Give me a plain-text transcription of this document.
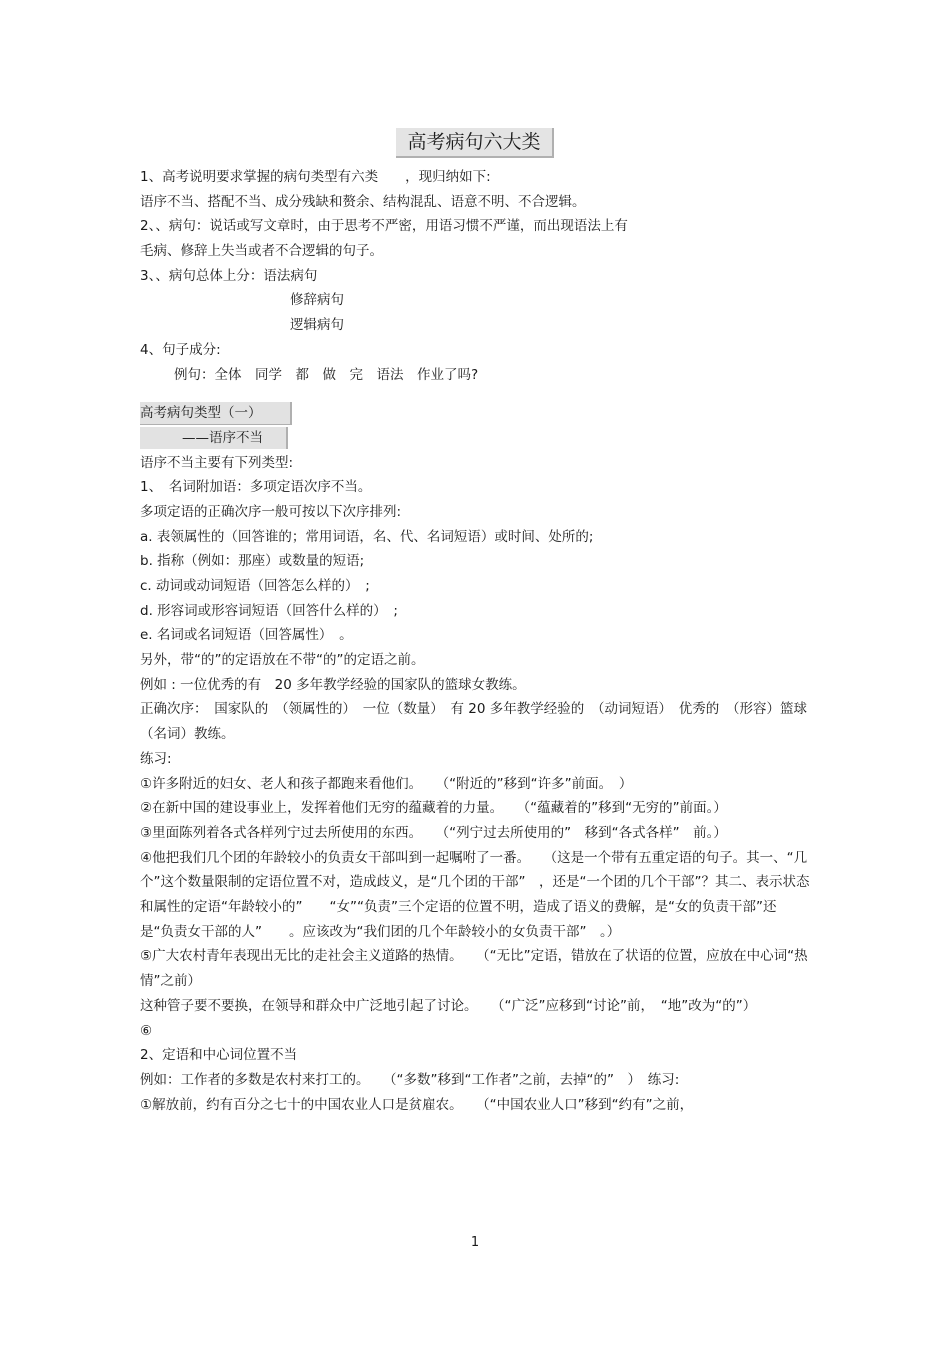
高考病句六大类
1、高考说明要求掌握的病句类型有六类　　，现归纳如下:
语序不当、搭配不当、成分残缺和赘余、结构混乱、语意不明、不合逻辑。
2、、病句：说话或写文章时，由于思考不严密，用语习惯不严谨，而出现语法上有
毛病、修辞上失当或者不合逻辑的句子。
3、、病句总体上分：语法病句
修辞病句
逻辑病句
4、句子成分:
例句：全体　同学　都　做　完　语法　作业了吗?
高考病句类型（一）
——语序不当
语序不当主要有下列类型:
1、　名词附加语：多项定语次序不当。
多项定语的正确次序一般可按以下次序排列:
a. 表领属性的（回答谁的；常用词语，名、代、名词短语）或时间、处所的;
b. 指称（例如：那座）或数量的短语;
c. 动词或动词短语（回答怎么样的）　;
d. 形容词或形容词短语（回答什么样的）　;
e. 名词或名词短语（回答属性）　。
另外，带“的”的定语放在不带“的”的定语之前。
例如 : 一位优秀的有　20 多年教学经验的国家队的篮球女教练。
正确次序：　国家队的　（领属性的）　一位（数量）　有 20 多年教学经验的　（动词短语）　优秀的　（形容）篮球（名词）教练。
练习:
①许多附近的妇女、老人和孩子都跑来看他们。　　（“附近的”移到“许多”前面。　）
②在新中国的建设事业上，发挥着他们无穷的蕴藏着的力量。　　（“蕴藏着的”移到“无穷的”前面。）
③里面陈列着各式各样列宁过去所使用的东西。　　（“列宁过去所使用的”　移到“各式各样”　前。）
④他把我们几个团的年龄较小的负责女干部叫到一起嘱咐了一番。　　（这是一个带有五重定语的句子。其一、“几个”这个数量限制的定语位置不对，造成歧义，是“几个团的干部”　，还是“一个团的几个干部”？其二、表示状态和属性的定语“年龄较小的”　　“女”“负责”三个定语的位置不明，造成了语义的费解，是“女的负责干部”还是“负责女干部的人”　　。应该改为“我们团的几个年龄较小的女负责干部”　。）
⑤广大农村青年表现出无比的走社会主义道路的热情。　　（“无比”定语，错放在了状语的位置，应放在中心词“热情”之前）
这种管子要不要换，在领导和群众中广泛地引起了讨论。　　（“广泛”应移到“讨论”前，　“地”改为“的”）
⑥
2、定语和中心词位置不当
例如：工作者的多数是农村来打工的。　　（“多数”移到“工作者”之前，去掉“的”　）　练习:
①解放前，约有百分之七十的中国农业人口是贫雇农。　　（“中国农业人口”移到“约有”之前，
1
